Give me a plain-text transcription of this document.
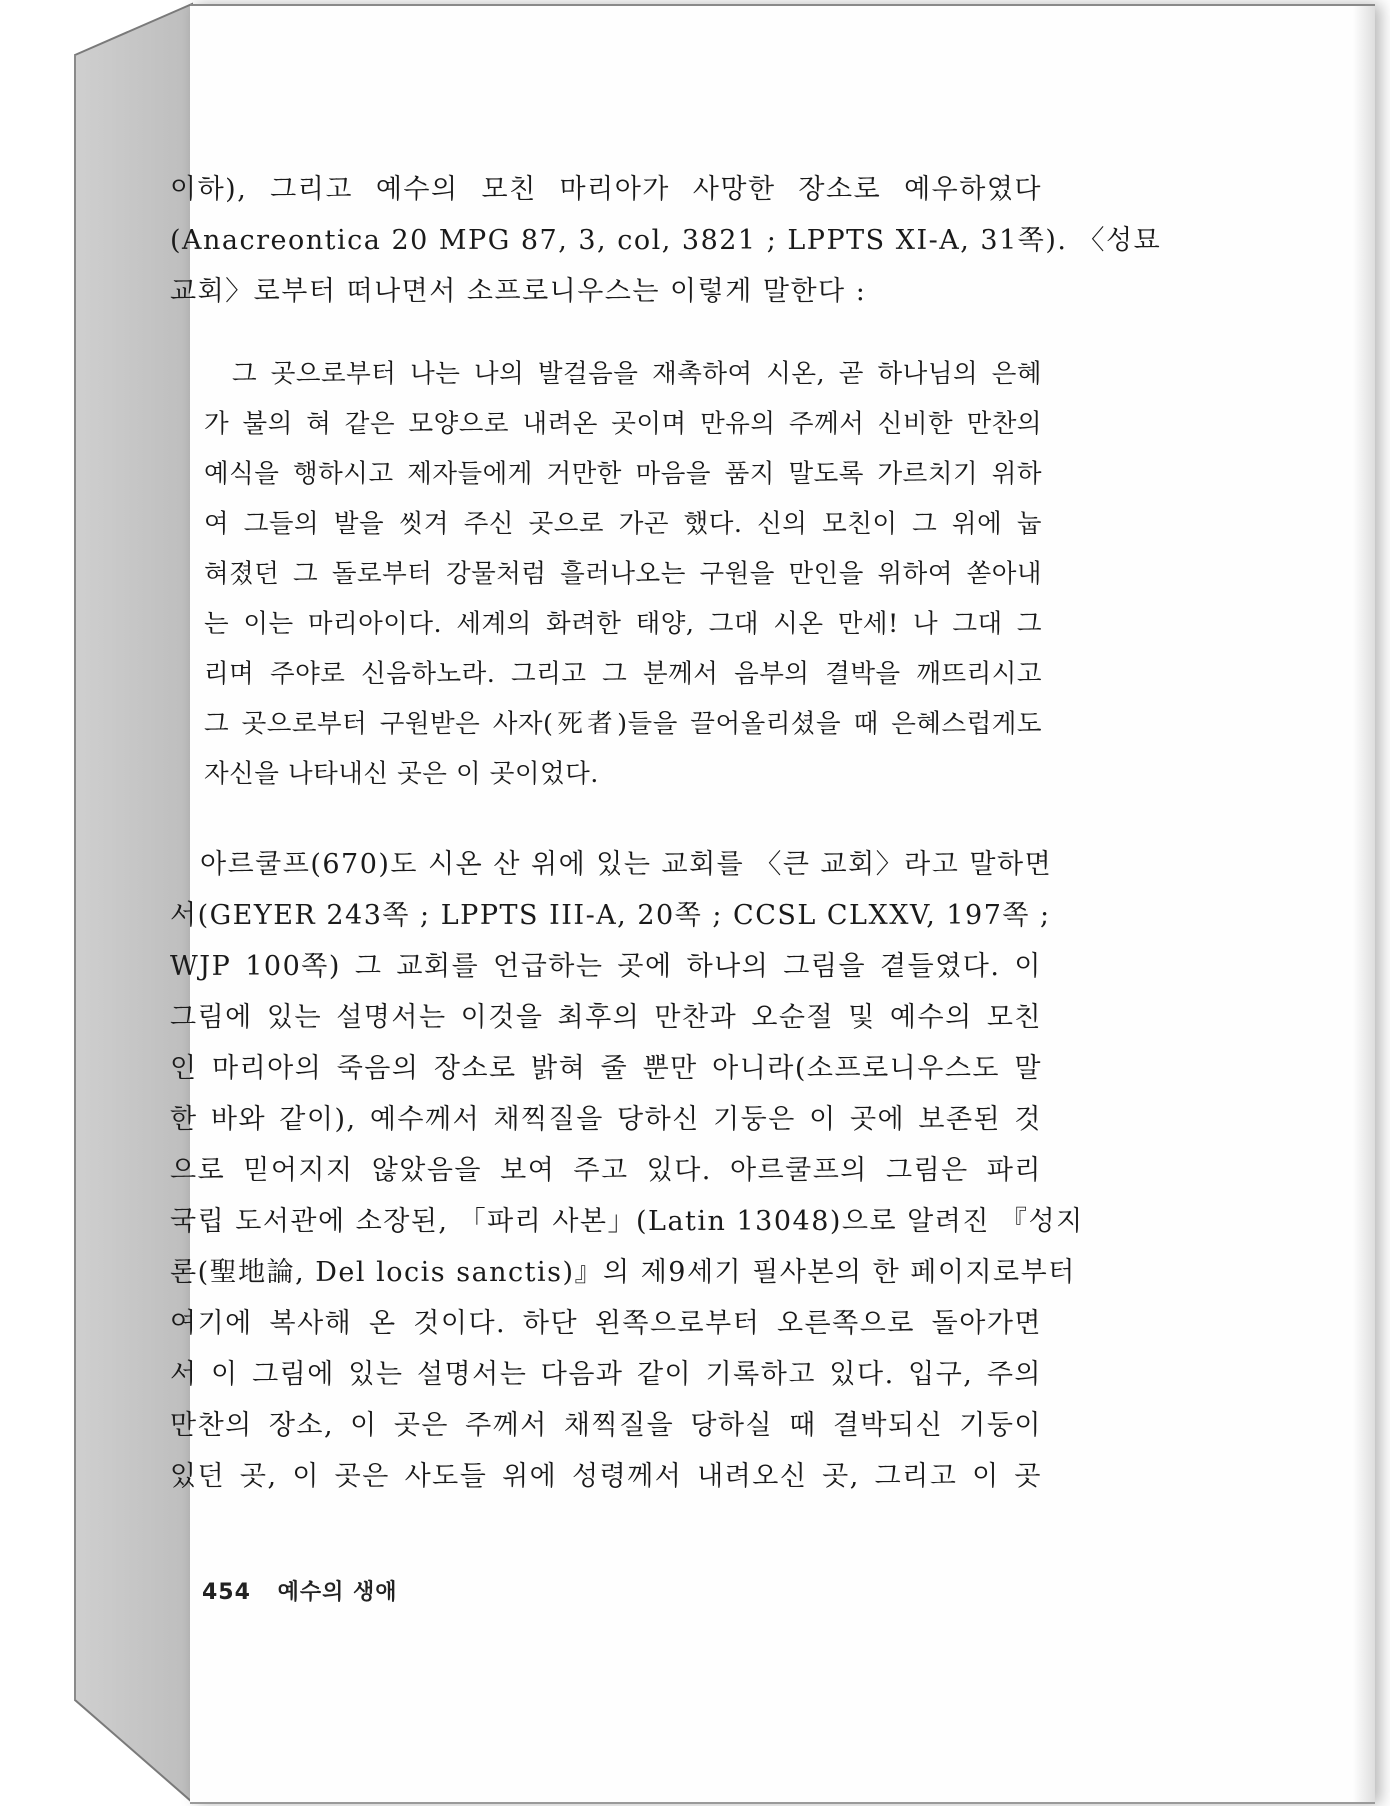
이하), 그리고 예수의 모친 마리아가 사망한 장소로 예우하였다
(Anacreontica 20 MPG 87, 3, col, 3821 ; LPPTS XI-A, 31쪽). 〈성묘
교회〉로부터 떠나면서 소프로니우스는 이렇게 말한다 :
그 곳으로부터 나는 나의 발걸음을 재촉하여 시온, 곧 하나님의 은혜
가 불의 혀 같은 모양으로 내려온 곳이며 만유의 주께서 신비한 만찬의
예식을 행하시고 제자들에게 거만한 마음을 품지 말도록 가르치기 위하
여 그들의 발을 씻겨 주신 곳으로 가곤 했다. 신의 모친이 그 위에 눕
혀졌던 그 돌로부터 강물처럼 흘러나오는 구원을 만인을 위하여 쏟아내
는 이는 마리아이다. 세계의 화려한 태양, 그대 시온 만세! 나 그대 그
리며 주야로 신음하노라. 그리고 그 분께서 음부의 결박을 깨뜨리시고
그 곳으로부터 구원받은 사자(死者)들을 끌어올리셨을 때 은혜스럽게도
자신을 나타내신 곳은 이 곳이었다.
아르쿨프(670)도 시온 산 위에 있는 교회를 〈큰 교회〉라고 말하면
서(GEYER 243쪽 ; LPPTS III-A, 20쪽 ; CCSL CLXXV, 197쪽 ;
WJP 100쪽) 그 교회를 언급하는 곳에 하나의 그림을 곁들였다. 이
그림에 있는 설명서는 이것을 최후의 만찬과 오순절 및 예수의 모친
인 마리아의 죽음의 장소로 밝혀 줄 뿐만 아니라(소프로니우스도 말
한 바와 같이), 예수께서 채찍질을 당하신 기둥은 이 곳에 보존된 것
으로 믿어지지 않았음을 보여 주고 있다. 아르쿨프의 그림은 파리
국립 도서관에 소장된, 「파리 사본」(Latin 13048)으로 알려진 『성지
론(聖地論, Del locis sanctis)』의 제9세기 필사본의 한 페이지로부터
여기에 복사해 온 것이다. 하단 왼쪽으로부터 오른쪽으로 돌아가면
서 이 그림에 있는 설명서는 다음과 같이 기록하고 있다. 입구, 주의
만찬의 장소, 이 곳은 주께서 채찍질을 당하실 때 결박되신 기둥이
있던 곳, 이 곳은 사도들 위에 성령께서 내려오신 곳, 그리고 이 곳
454 예수의 생애
